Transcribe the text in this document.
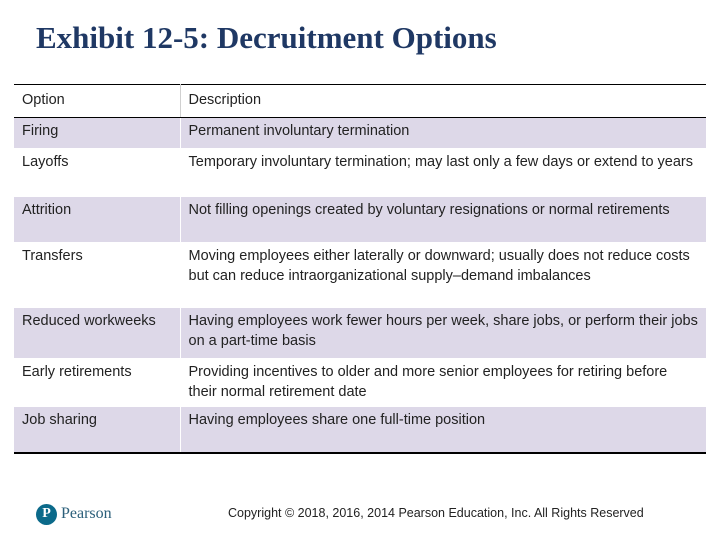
Exhibit 12-5: Decruitment Options
Option	Description
Firing	Permanent involuntary termination
Layoffs	Temporary involuntary termination; may last only a few days or extend to years
Attrition	Not filling openings created by voluntary resignations or normal retirements
Transfers	Moving employees either laterally or downward; usually does not reduce costs but can reduce intraorganizational supply–demand imbalances
Reduced workweeks	Having employees work fewer hours per week, share jobs, or perform their jobs on a part-time basis
Early retirements	Providing incentives to older and more senior employees for retiring before their normal retirement date
Job sharing	Having employees share one full-time position
P Pearson	Copyright © 2018, 2016, 2014 Pearson Education, Inc. All Rights Reserved
